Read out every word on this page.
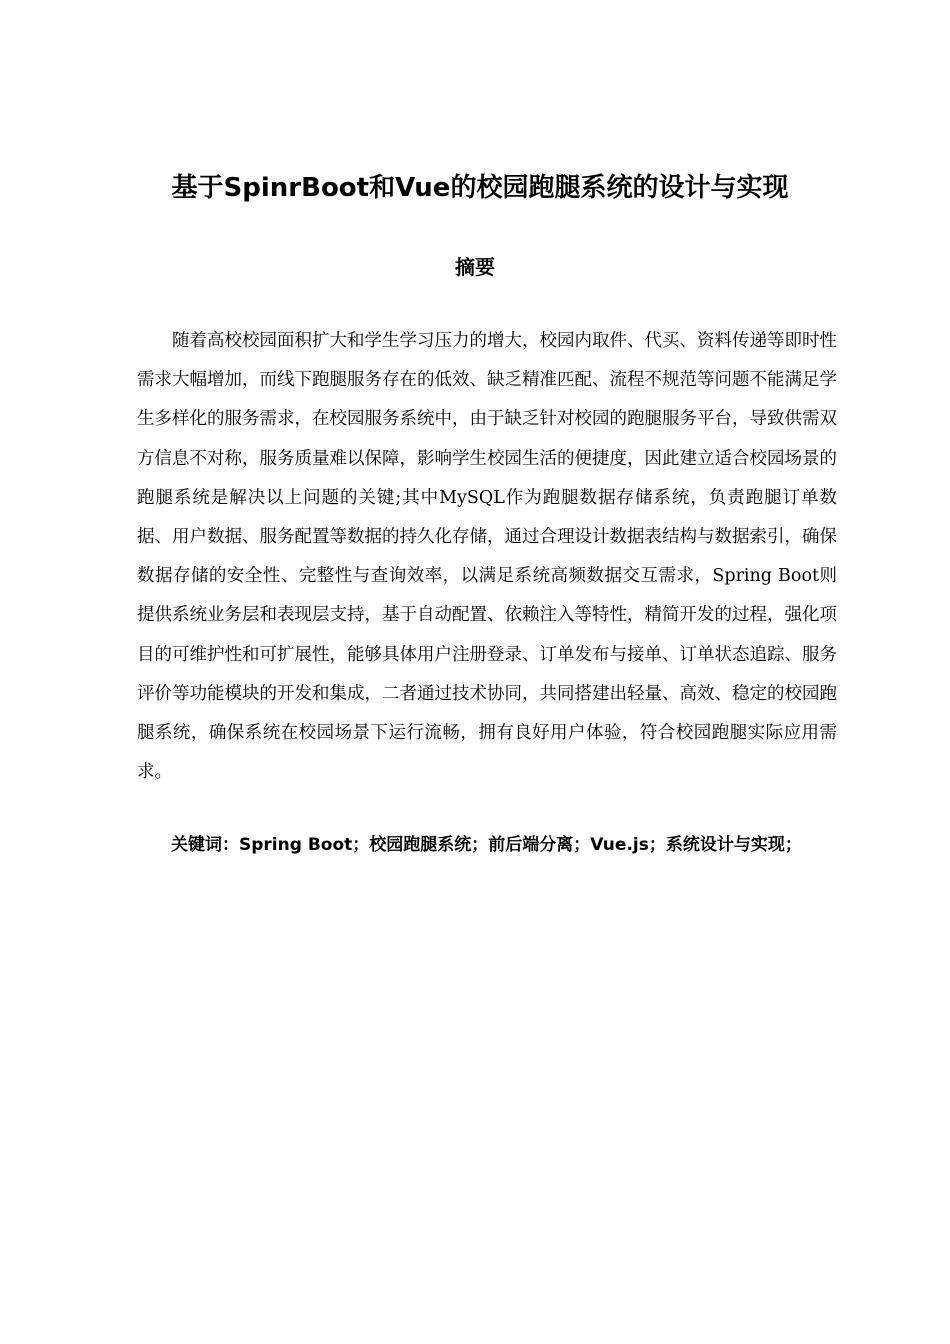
基于SpinrBoot和Vue的校园跑腿系统的设计与实现
摘要

随着高校校园面积扩大和学生学习压力的增大，校园内取件、代买、资料传递等即时性需求大幅增加，而线下跑腿服务存在的低效、缺乏精准匹配、流程不规范等问题不能满足学生多样化的服务需求，在校园服务系统中，由于缺乏针对校园的跑腿服务平台，导致供需双方信息不对称，服务质量难以保障，影响学生校园生活的便捷度，因此建立适合校园场景的跑腿系统是解决以上问题的关键;其中MySQL作为跑腿数据存储系统，负责跑腿订单数据、用户数据、服务配置等数据的持久化存储，通过合理设计数据表结构与数据索引，确保数据存储的安全性、完整性与查询效率，以满足系统高频数据交互需求，Spring Boot则提供系统业务层和表现层支持，基于自动配置、依赖注入等特性，精简开发的过程，强化项目的可维护性和可扩展性，能够具体用户注册登录、订单发布与接单、订单状态追踪、服务评价等功能模块的开发和集成，二者通过技术协同，共同搭建出轻量、高效、稳定的校园跑腿系统，确保系统在校园场景下运行流畅，拥有良好用户体验，符合校园跑腿实际应用需求。

关键词：Spring Boot；校园跑腿系统；前后端分离；Vue.js；系统设计与实现；
